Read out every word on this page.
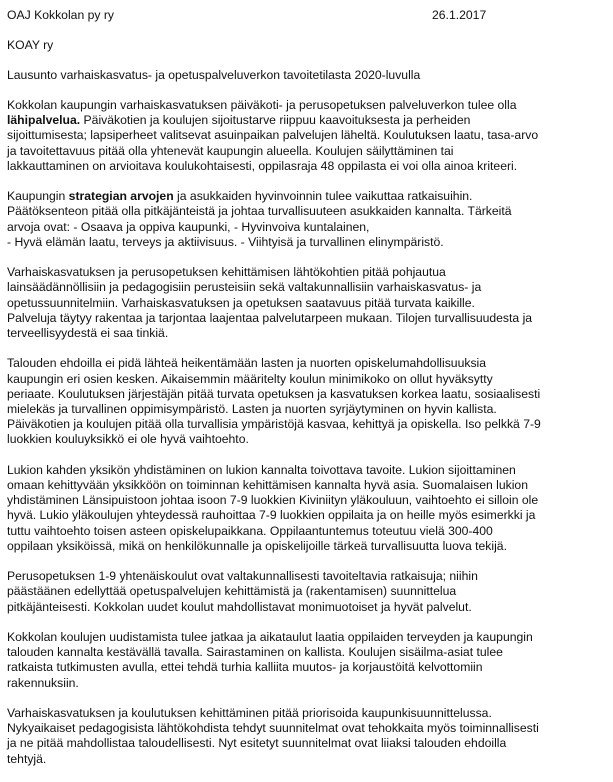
OAJ Kokkolan py ry	26.1.2017
KOAY ry
Lausunto varhaiskasvatus- ja opetuspalveluverkon tavoitetilasta 2020-luvulla

Kokkolan kaupungin varhaiskasvatuksen päiväkoti- ja perusopetuksen palveluverkon tulee olla
lähipalvelua. Päiväkotien ja koulujen sijoitustarve riippuu kaavoituksesta ja perheiden
sijoittumisesta; lapsiperheet valitsevat asuinpaikan palvelujen läheltä. Koulutuksen laatu, tasa-arvo
ja tavoitettavuus pitää olla yhtenevät kaupungin alueella. Koulujen säilyttäminen tai
lakkauttaminen on arvioitava koulukohtaisesti, oppilasraja 48 oppilasta ei voi olla ainoa kriteeri.

Kaupungin strategian arvojen ja asukkaiden hyvinvoinnin tulee vaikuttaa ratkaisuihin.
Päätöksenteon pitää olla pitkäjänteistä ja johtaa turvallisuuteen asukkaiden kannalta. Tärkeitä
arvoja ovat: - Osaava ja oppiva kaupunki, - Hyvinvoiva kuntalainen,
- Hyvä elämän laatu, terveys ja aktiivisuus. - Viihtyisä ja turvallinen elinympäristö.

Varhaiskasvatuksen ja perusopetuksen kehittämisen lähtökohtien pitää pohjautua
lainsäädännöllisiin ja pedagogisiin perusteisiin sekä valtakunnallisiin varhaiskasvatus- ja
opetussuunnitelmiin. Varhaiskasvatuksen ja opetuksen saatavuus pitää turvata kaikille.
Palveluja täytyy rakentaa ja tarjontaa laajentaa palvelutarpeen mukaan. Tilojen turvallisuudesta ja
terveellisyydestä ei saa tinkiä.

Talouden ehdoilla ei pidä lähteä heikentämään lasten ja nuorten opiskelumahdollisuuksia
kaupungin eri osien kesken. Aikaisemmin määritelty koulun minimikoko on ollut hyväksytty
periaate. Koulutuksen järjestäjän pitää turvata opetuksen ja kasvatuksen korkea laatu, sosiaalisesti
mielekäs ja turvallinen oppimisympäristö. Lasten ja nuorten syrjäytyminen on hyvin kallista.
Päiväkotien ja koulujen pitää olla turvallisia ympäristöjä kasvaa, kehittyä ja opiskella. Iso pelkkä 7-9
luokkien kouluyksikkö ei ole hyvä vaihtoehto.

Lukion kahden yksikön yhdistäminen on lukion kannalta toivottava tavoite. Lukion sijoittaminen
omaan kehittyvään yksikköön on toiminnan kehittämisen kannalta hyvä asia. Suomalaisen lukion
yhdistäminen Länsipuistoon johtaa isoon 7-9 luokkien Kiviniityn yläkouluun, vaihtoehto ei silloin ole
hyvä. Lukio yläkoulujen yhteydessä rauhoittaa 7-9 luokkien oppilaita ja on heille myös esimerkki ja
tuttu vaihtoehto toisen asteen opiskelupaikkana. Oppilaantuntemus toteutuu vielä 300-400
oppilaan yksiköissä, mikä on henkilökunnalle ja opiskelijoille tärkeä turvallisuutta luova tekijä.

Perusopetuksen 1-9 yhtenäiskoulut ovat valtakunnallisesti tavoiteltavia ratkaisuja; niihin
päästäänen edellyttää opetuspalvelujen kehittämistä ja (rakentamisen) suunnittelua
pitkäjänteisesti. Kokkolan uudet koulut mahdollistavat monimuotoiset ja hyvät palvelut.

Kokkolan koulujen uudistamista tulee jatkaa ja aikataulut laatia oppilaiden terveyden ja kaupungin
talouden kannalta kestävällä tavalla. Sairastaminen on kallista. Koulujen sisäilma-asiat tulee
ratkaista tutkimusten avulla, ettei tehdä turhia kalliita muutos- ja korjaustöitä kelvottomiin
rakennuksiin.

Varhaiskasvatuksen ja koulutuksen kehittäminen pitää priorisoida kaupunkisuunnittelussa.
Nykyaikaiset pedagogisista lähtökohdista tehdyt suunnitelmat ovat tehokkaita myös toiminnallisesti
ja ne pitää mahdollistaa taloudellisesti. Nyt esitetyt suunnitelmat ovat liiaksi talouden ehdoilla
tehtyjä.
